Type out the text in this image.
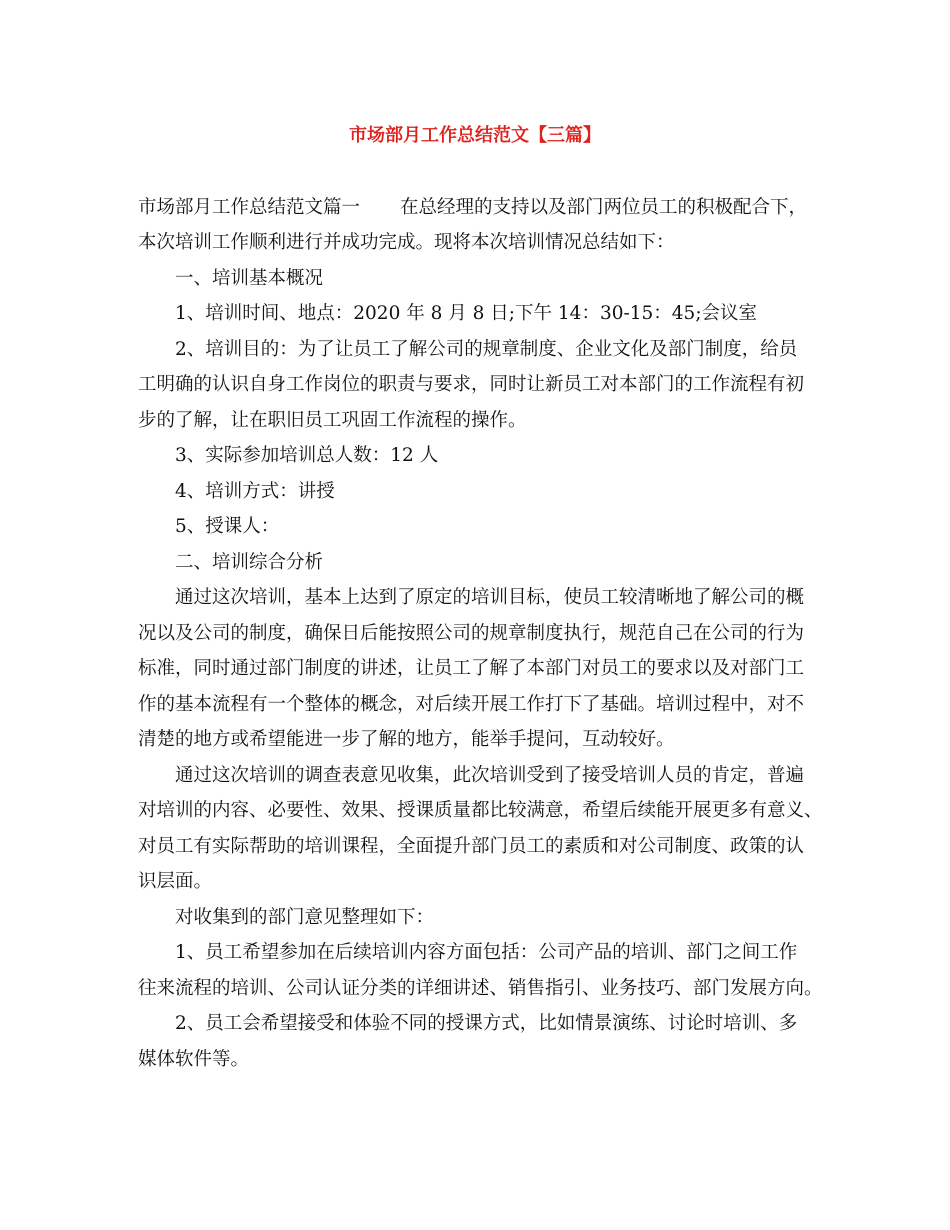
市场部月工作总结范文【三篇】
市场部月工作总结范文篇一 在总经理的支持以及部门两位员工的积极配合下，
本次培训工作顺利进行并成功完成。现将本次培训情况总结如下：
一、培训基本概况
1、培训时间、地点：2020 年 8 月 8 日;下午 14：30-15：45;会议室
2、培训目的：为了让员工了解公司的规章制度、企业文化及部门制度，给员
工明确的认识自身工作岗位的职责与要求，同时让新员工对本部门的工作流程有初
步的了解，让在职旧员工巩固工作流程的操作。
3、实际参加培训总人数：12 人
4、培训方式：讲授
5、授课人：
二、培训综合分析
通过这次培训，基本上达到了原定的培训目标，使员工较清晰地了解公司的概
况以及公司的制度，确保日后能按照公司的规章制度执行，规范自己在公司的行为
标准，同时通过部门制度的讲述，让员工了解了本部门对员工的要求以及对部门工
作的基本流程有一个整体的概念，对后续开展工作打下了基础。培训过程中，对不
清楚的地方或希望能进一步了解的地方，能举手提问，互动较好。
通过这次培训的调查表意见收集，此次培训受到了接受培训人员的肯定，普遍
对培训的内容、必要性、效果、授课质量都比较满意，希望后续能开展更多有意义、
对员工有实际帮助的培训课程，全面提升部门员工的素质和对公司制度、政策的认
识层面。
对收集到的部门意见整理如下：
1、员工希望参加在后续培训内容方面包括：公司产品的培训、部门之间工作
往来流程的培训、公司认证分类的详细讲述、销售指引、业务技巧、部门发展方向。
2、员工会希望接受和体验不同的授课方式，比如情景演练、讨论时培训、多
媒体软件等。
